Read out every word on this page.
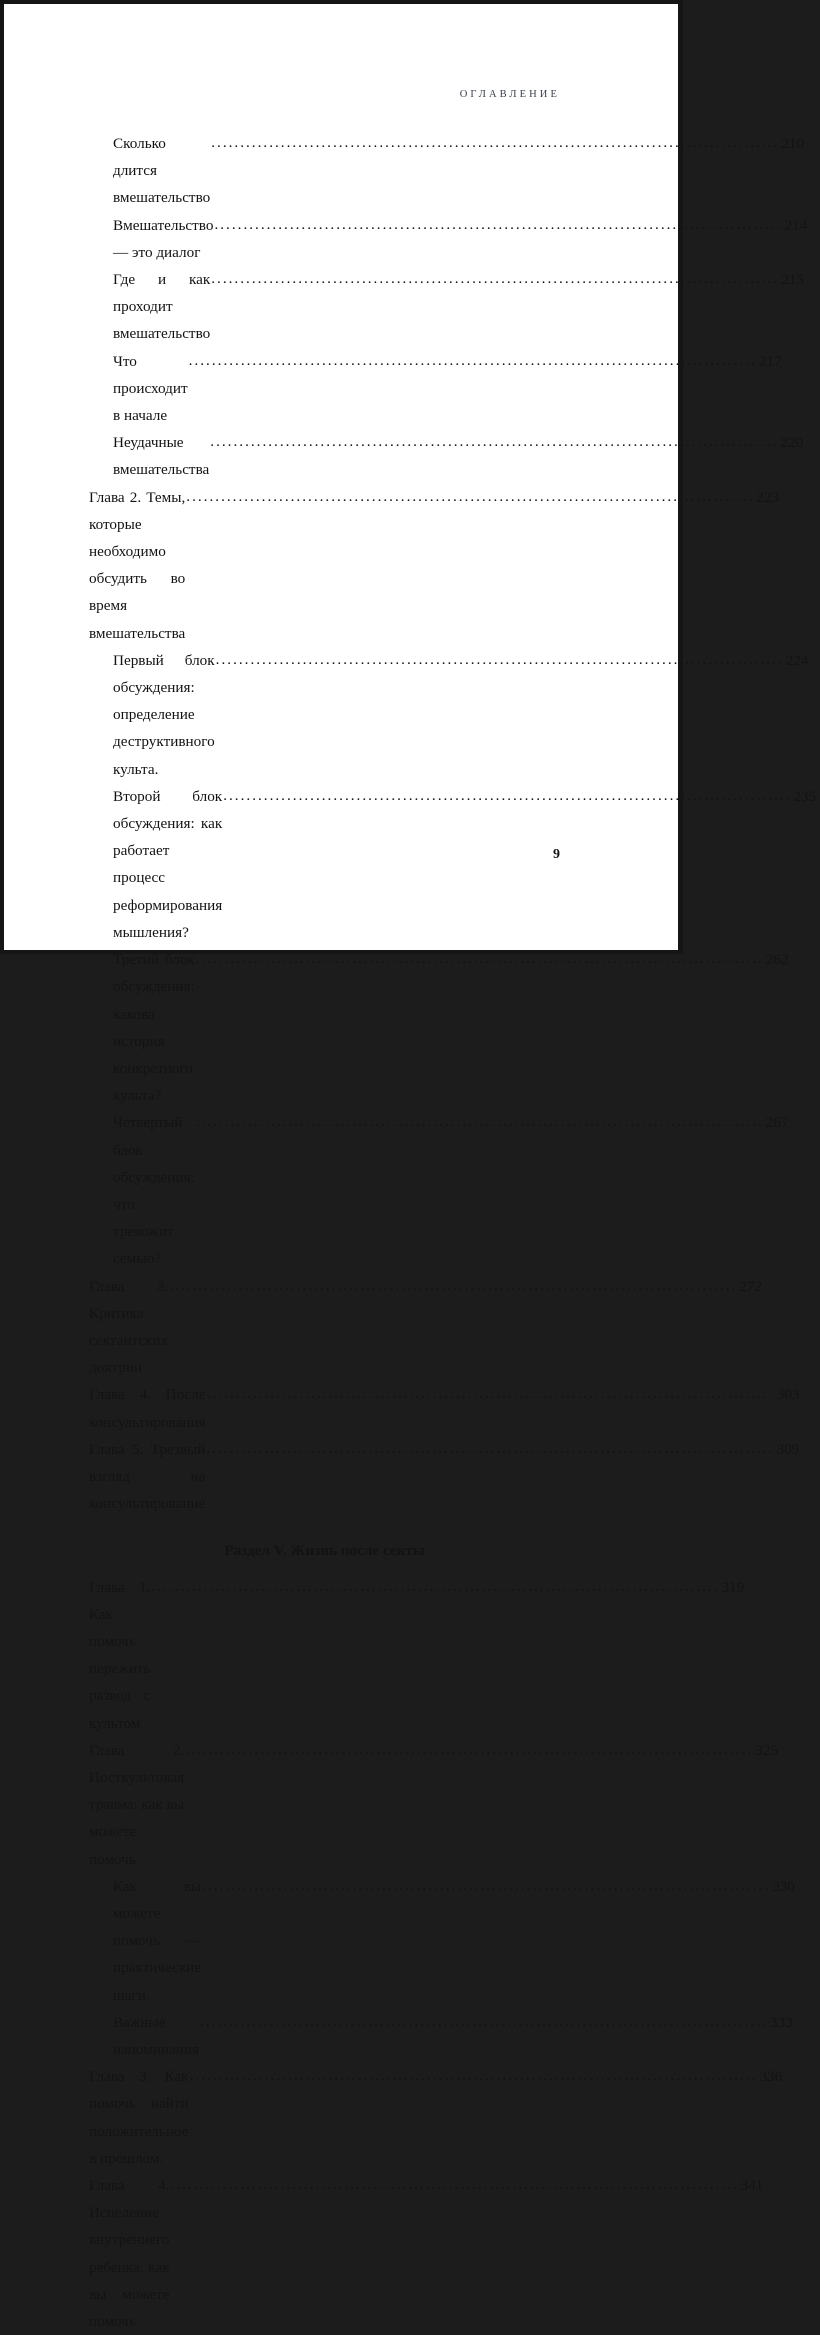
ОГЛАВЛЕНИЕ
Сколько длится вмешательство
.....
210
Вмешательство — это диалог
.....
214
Где и как проходит вмешательство
.....
215
Что происходит в начале
.....
217
Неудачные вмешательства
.....
220
Глава 2. Темы, которые необходимо обсудить во время вмешательства
.....
223
Первый блок обсуждения: определение деструктивного культа.
.....
224
Второй блок обсуждения: как работает процесс реформирования мышления?
.....
235
Третий блок обсуждения: какова история конкретного культа?
.....
262
Четвертый блок обсуждения: что тревожит семью?
.....
267
Глава 3. Критика сектантских доктрин
.....
272
Глава 4. После консультирования
.....
303
Глава 5. Трезвый взгляд на консультирование
.....
309
Раздел V. Жизнь после секты
Глава 1. Как помочь пережить развод с культом
.....
319
Глава 2. Посткультовая травма: как вы можете помочь
.....
325
Как вы можете помочь — практические шаги.
.....
330
Важные напоминания
.....
333
Глава 3. Как помочь найти положительное в прошлом.
.....
336
Глава 4. Исцеление внутреннего ребенка: как вы можете помочь
.....
341
9
